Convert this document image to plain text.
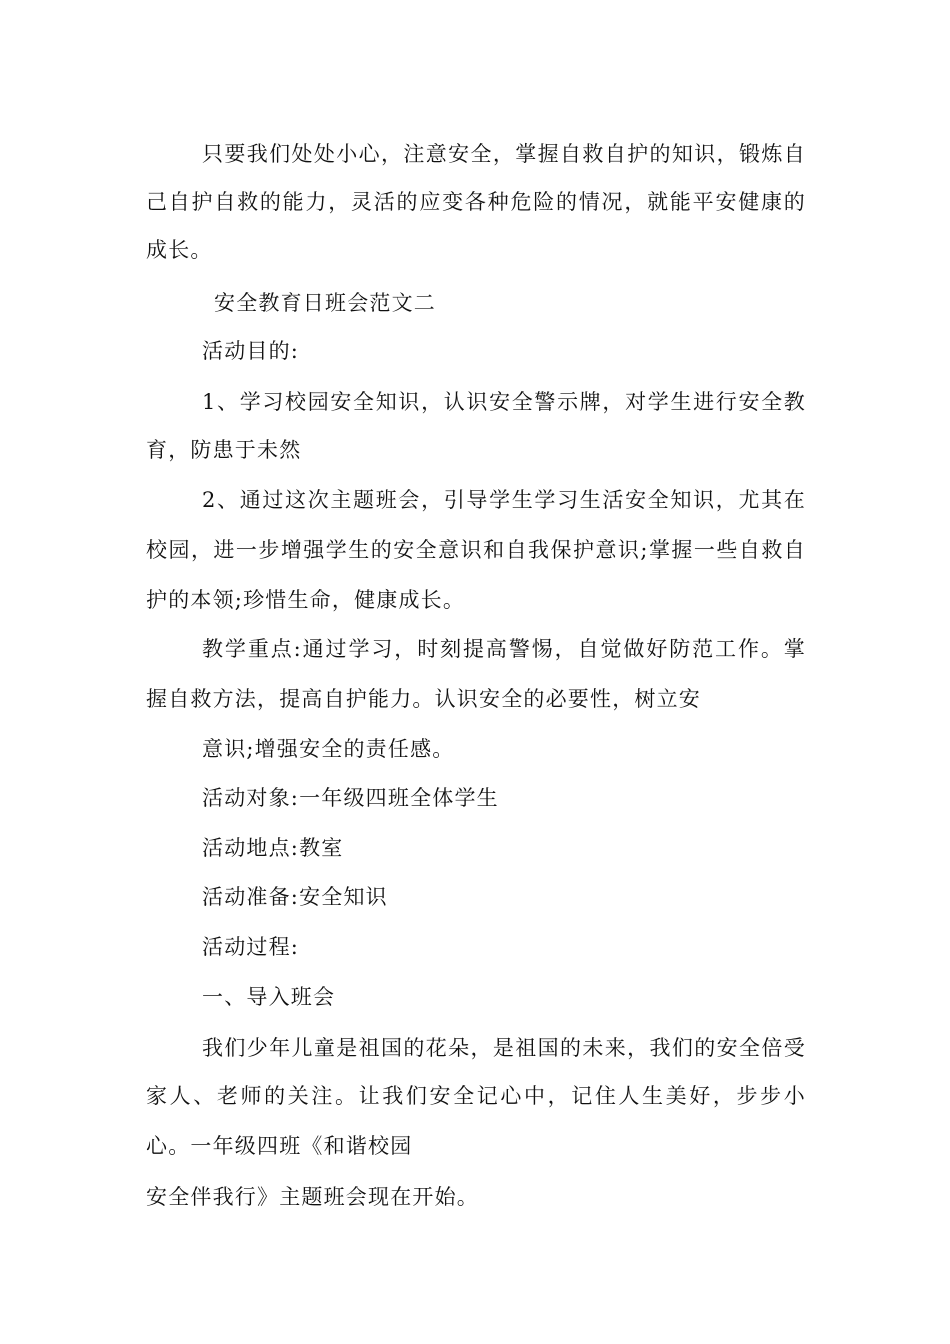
只要我们处处小心，注意安全，掌握自救自护的知识，锻炼自
己自护自救的能力，灵活的应变各种危险的情况，就能平安健康的
成长。
安全教育日班会范文二
活动目的:
1、学习校园安全知识，认识安全警示牌，对学生进行安全教
育，防患于未然
2、通过这次主题班会，引导学生学习生活安全知识，尤其在
校园，进一步增强学生的安全意识和自我保护意识;掌握一些自救自
护的本领;珍惜生命，健康成长。
教学重点:通过学习，时刻提高警惕，自觉做好防范工作。掌
握自救方法，提高自护能力。认识安全的必要性，树立安
意识;增强安全的责任感。
活动对象:一年级四班全体学生
活动地点:教室
活动准备:安全知识
活动过程:
一、导入班会
我们少年儿童是祖国的花朵，是祖国的未来，我们的安全倍受
家人、老师的关注。让我们安全记心中，记住人生美好，步步小
心。一年级四班《和谐校园
安全伴我行》主题班会现在开始。
